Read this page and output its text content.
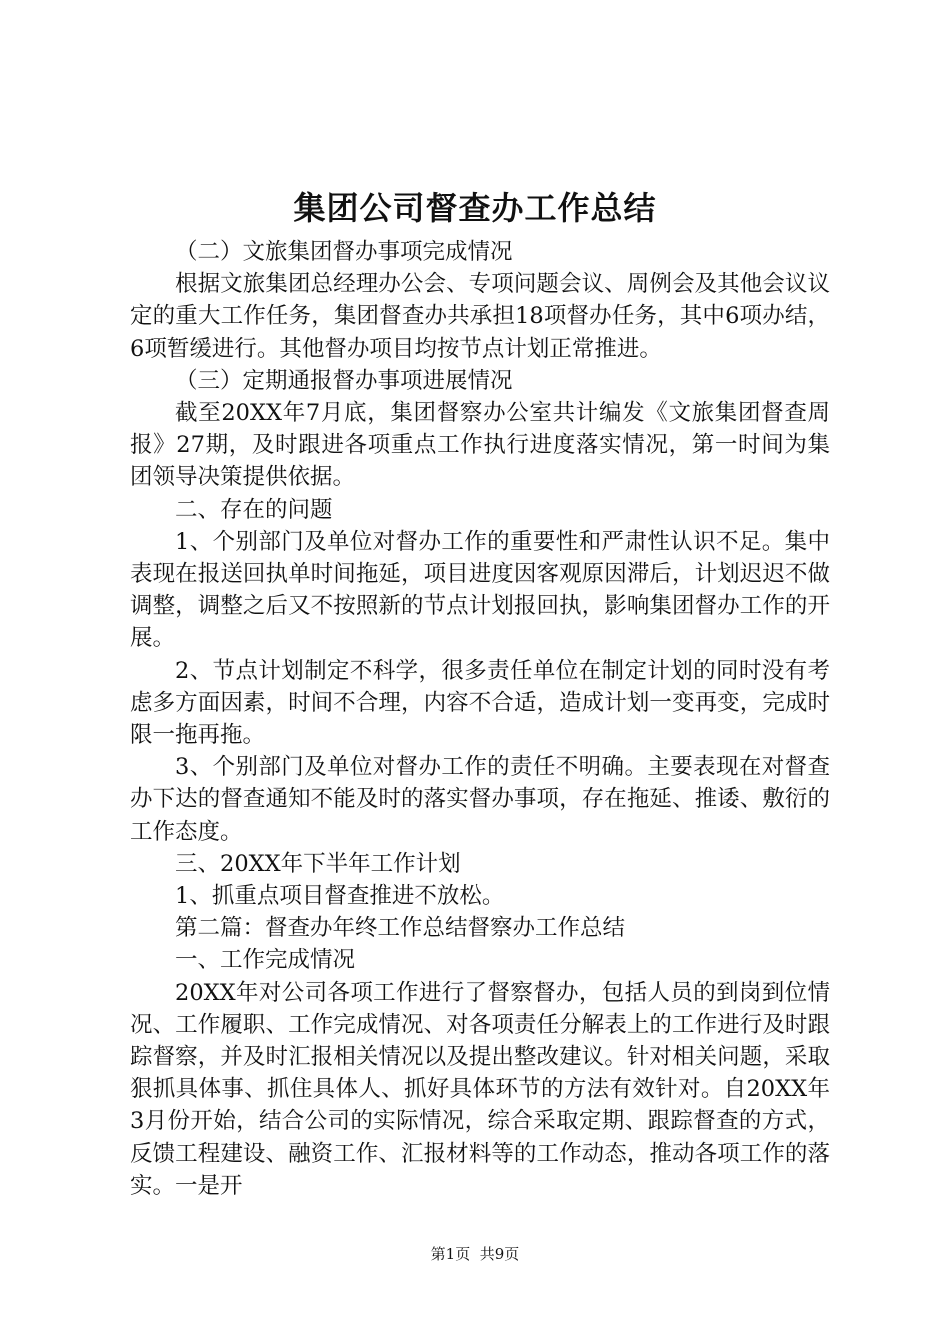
集团公司督查办工作总结

（二）文旅集团督办事项完成情况

根据文旅集团总经理办公会、专项问题会议、周例会及其他会议议定的重大工作任务，集团督查办共承担18项督办任务，其中6项办结，6项暂缓进行。其他督办项目均按节点计划正常推进。

（三）定期通报督办事项进展情况

截至20XX年7月底，集团督察办公室共计编发《文旅集团督查周报》27期，及时跟进各项重点工作执行进度落实情况，第一时间为集团领导决策提供依据。

二、存在的问题

1、个别部门及单位对督办工作的重要性和严肃性认识不足。集中表现在报送回执单时间拖延，项目进度因客观原因滞后，计划迟迟不做调整，调整之后又不按照新的节点计划报回执，影响集团督办工作的开展。

2、节点计划制定不科学，很多责任单位在制定计划的同时没有考虑多方面因素，时间不合理，内容不合适，造成计划一变再变，完成时限一拖再拖。

3、个别部门及单位对督办工作的责任不明确。主要表现在对督查办下达的督查通知不能及时的落实督办事项，存在拖延、推诿、敷衍的工作态度。

三、20XX年下半年工作计划

1、抓重点项目督查推进不放松。

第二篇：督查办年终工作总结督察办工作总结

一、工作完成情况

20XX年对公司各项工作进行了督察督办，包括人员的到岗到位情况、工作履职、工作完成情况、对各项责任分解表上的工作进行及时跟踪督察，并及时汇报相关情况以及提出整改建议。针对相关问题，采取狠抓具体事、抓住具体人、抓好具体环节的方法有效针对。自20XX年3月份开始，结合公司的实际情况，综合采取定期、跟踪督查的方式，反馈工程建设、融资工作、汇报材料等的工作动态，推动各项工作的落实。一是开

第1页 共9页
